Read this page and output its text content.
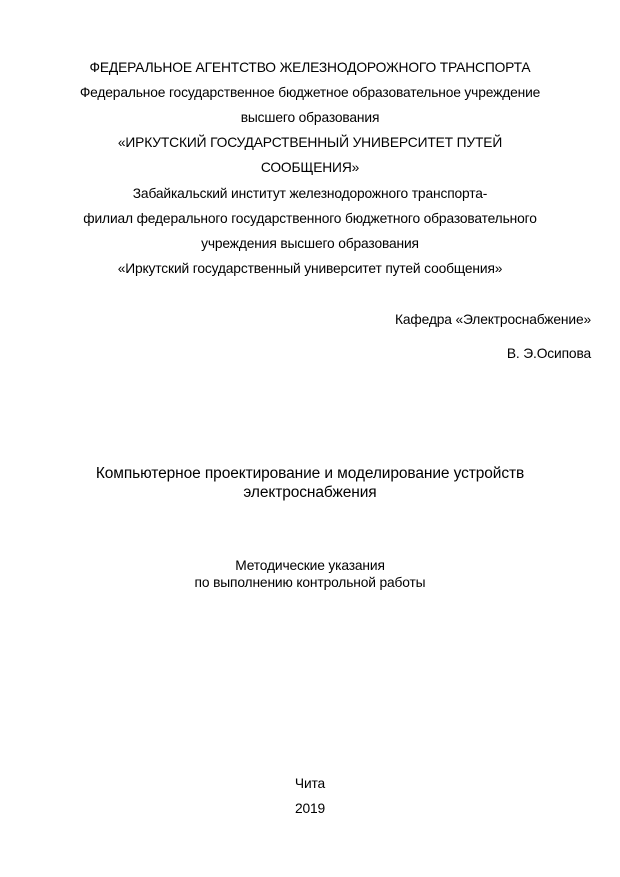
ФЕДЕРАЛЬНОЕ АГЕНТСТВО ЖЕЛЕЗНОДОРОЖНОГО ТРАНСПОРТА
Федеральное государственное бюджетное образовательное учреждение
высшего образования
«ИРКУТСКИЙ ГОСУДАРСТВЕННЫЙ УНИВЕРСИТЕТ ПУТЕЙ
СООБЩЕНИЯ»
Забайкальский институт железнодорожного транспорта-
филиал федерального государственного бюджетного образовательного
учреждения высшего образования
«Иркутский государственный университет путей сообщения»
Кафедра «Электроснабжение»
В. Э.Осипова
Компьютерное проектирование и моделирование устройств
электроснабжения
Методические указания
по выполнению контрольной работы
Чита
2019
